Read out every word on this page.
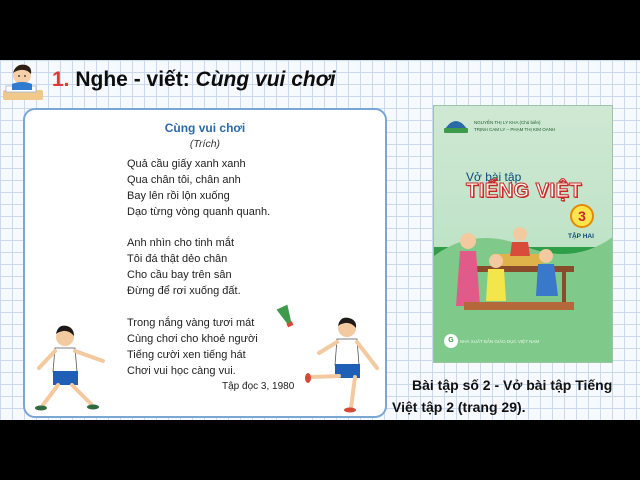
1. Nghe - viết: Cùng vui chơi
Cùng vui chơi
(Trích)
Quả cầu giấy xanh xanh
Qua chân tôi, chân anh
Bay lên rồi lộn xuống
Dạo từng vòng quanh quanh.
Anh nhìn cho tinh mắt
Tôi đá thật dẻo chân
Cho cầu bay trên sân
Đừng để rơi xuống đất.
Trong nắng vàng tươi mát
Cùng chơi cho khoẻ người
Tiếng cười xen tiếng hát
Chơi vui học càng vui.
Tập đọc 3, 1980
NGUYỄN THỊ LY KHA (Chủ biên)
TRỊNH CAM LY – PHẠM THỊ KIM OANH
Vở bài tập
TIẾNG VIỆT
3
TẬP HAI
G	NHÀ XUẤT BẢN GIÁO DỤC VIỆT NAM
Bài tập số 2 - Vở bài tập Tiếng
Việt tập 2 (trang 29).
